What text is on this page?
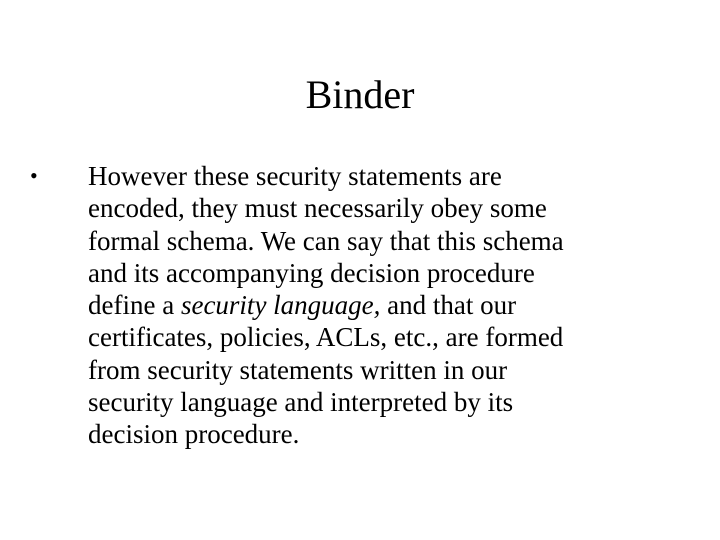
Binder
• However these security statements are
encoded, they must necessarily obey some
formal schema. We can say that this schema
and its accompanying decision procedure
define a security language, and that our
certificates, policies, ACLs, etc., are formed
from security statements written in our
security language and interpreted by its
decision procedure.
